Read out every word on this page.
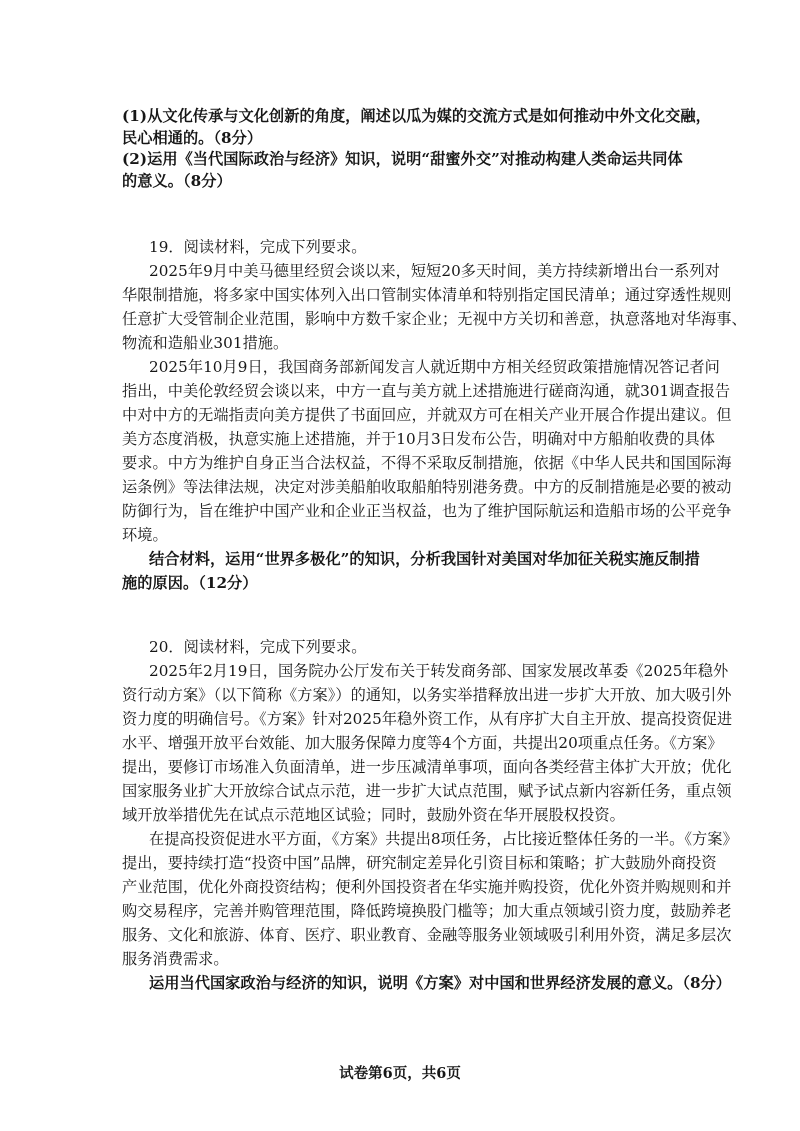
(1)从文化传承与文化创新的角度，阐述以瓜为媒的交流方式是如何推动中外文化交融，
民心相通的。（8分）
(2)运用《当代国际政治与经济》知识，说明“甜蜜外交”对推动构建人类命运共同体
的意义。（8分）
19．阅读材料，完成下列要求。
2025年9月中美马德里经贸会谈以来，短短20多天时间，美方持续新增出台一系列对
华限制措施，将多家中国实体列入出口管制实体清单和特别指定国民清单；通过穿透性规则
任意扩大受管制企业范围，影响中方数千家企业；无视中方关切和善意，执意落地对华海事、
物流和造船业301措施。
2025年10月9日，我国商务部新闻发言人就近期中方相关经贸政策措施情况答记者问
指出，中美伦敦经贸会谈以来，中方一直与美方就上述措施进行磋商沟通，就301调查报告
中对中方的无端指责向美方提供了书面回应，并就双方可在相关产业开展合作提出建议。但
美方态度消极，执意实施上述措施，并于10月3日发布公告，明确对中方船舶收费的具体
要求。中方为维护自身正当合法权益，不得不采取反制措施，依据《中华人民共和国国际海
运条例》等法律法规，决定对涉美船舶收取船舶特别港务费。中方的反制措施是必要的被动
防御行为，旨在维护中国产业和企业正当权益，也为了维护国际航运和造船市场的公平竞争
环境。
结合材料，运用“世界多极化”的知识，分析我国针对美国对华加征关税实施反制措
施的原因。（12分）
20．阅读材料，完成下列要求。
2025年2月19日，国务院办公厅发布关于转发商务部、国家发展改革委《2025年稳外
资行动方案》（以下简称《方案》）的通知，以务实举措释放出进一步扩大开放、加大吸引外
资力度的明确信号。《方案》针对2025年稳外资工作，从有序扩大自主开放、提高投资促进
水平、增强开放平台效能、加大服务保障力度等4个方面，共提出20项重点任务。《方案》
提出，要修订市场准入负面清单，进一步压减清单事项，面向各类经营主体扩大开放；优化
国家服务业扩大开放综合试点示范，进一步扩大试点范围，赋予试点新内容新任务，重点领
域开放举措优先在试点示范地区试验；同时，鼓励外资在华开展股权投资。
在提高投资促进水平方面，《方案》共提出8项任务，占比接近整体任务的一半。《方案》
提出，要持续打造“投资中国”品牌，研究制定差异化引资目标和策略；扩大鼓励外商投资
产业范围，优化外商投资结构；便利外国投资者在华实施并购投资，优化外资并购规则和并
购交易程序，完善并购管理范围，降低跨境换股门槛等；加大重点领域引资力度，鼓励养老
服务、文化和旅游、体育、医疗、职业教育、金融等服务业领域吸引利用外资，满足多层次
服务消费需求。
运用当代国家政治与经济的知识，说明《方案》对中国和世界经济发展的意义。（8分）
试卷第6页，共6页
